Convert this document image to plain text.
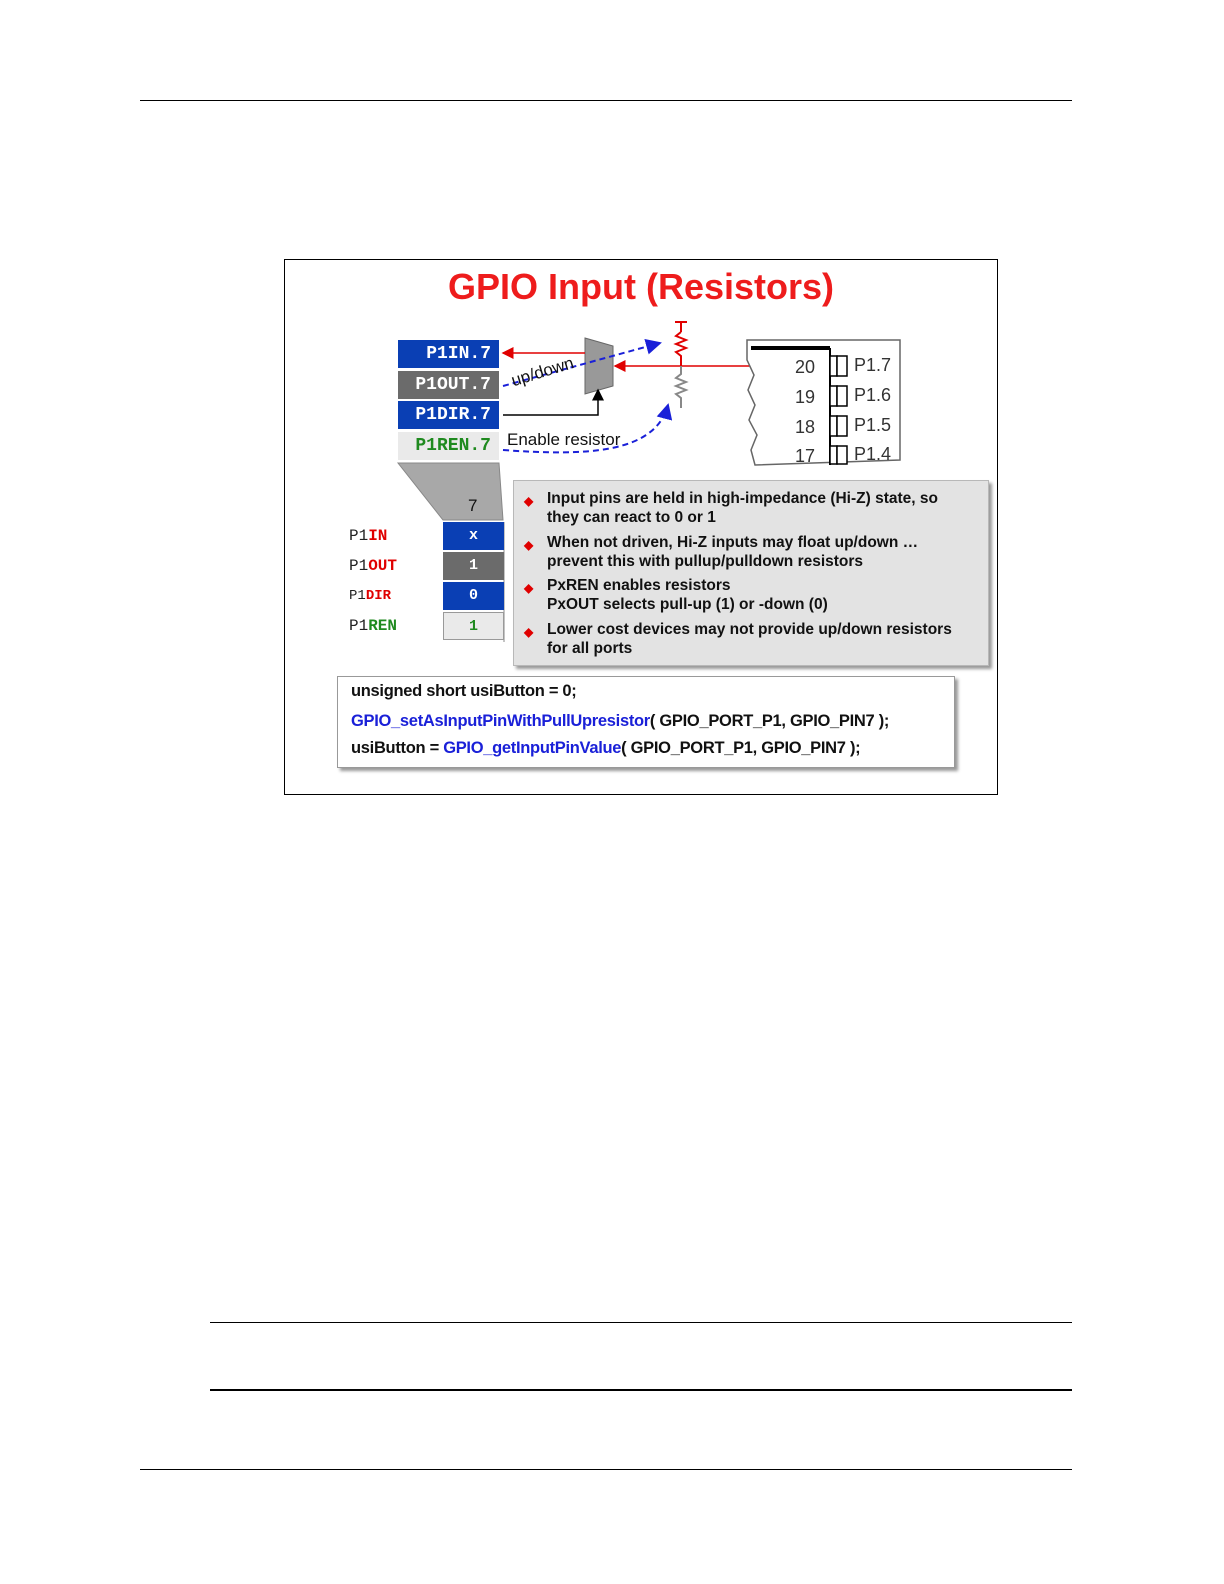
GPIO Input (Resistors)
P1IN.7
P1OUT.7
P1DIR.7
P1REN.7
up/down
Enable resistor
7
20 P1.7
19 P1.6
18 P1.5
17 P1.4
P1IN	x
P1OUT	1
P1DIR	0
P1REN	1
◆ Input pins are held in high-impedance (Hi-Z) state, so
they can react to 0 or 1
◆ When not driven, Hi-Z inputs may float up/down …
prevent this with pullup/pulldown resistors
◆ PxREN enables resistors
PxOUT selects pull-up (1) or -down (0)
◆ Lower cost devices may not provide up/down resistors
for all ports
unsigned short usiButton = 0;
GPIO_setAsInputPinWithPullUpresistor( GPIO_PORT_P1, GPIO_PIN7 );
usiButton = GPIO_getInputPinValue( GPIO_PORT_P1, GPIO_PIN7 );
